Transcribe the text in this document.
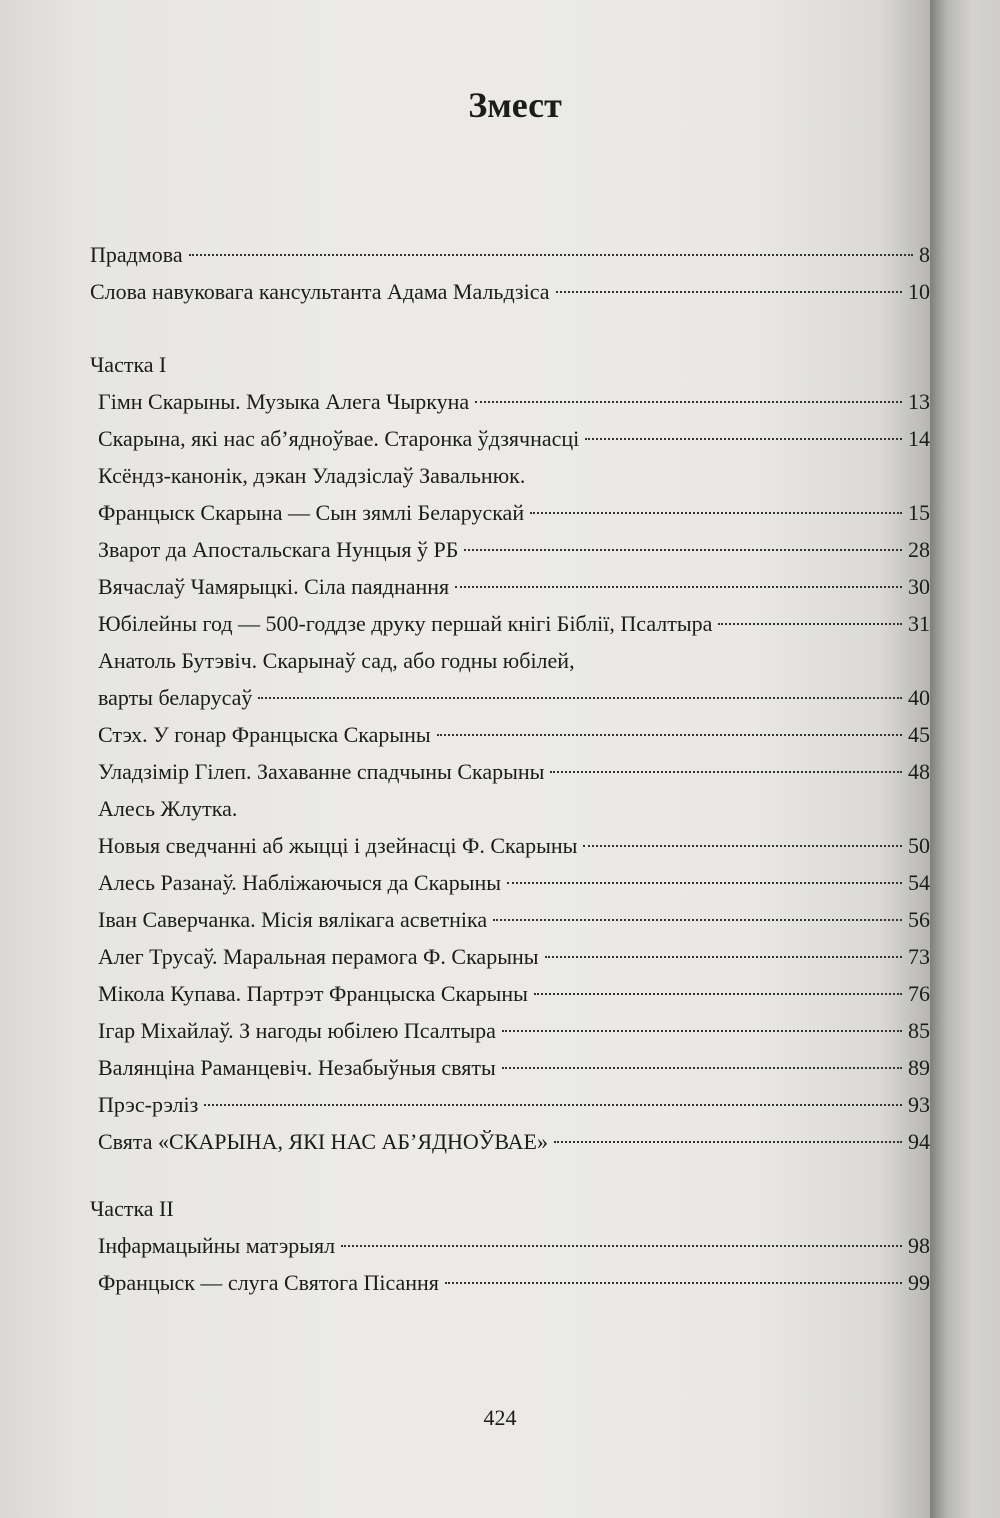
Змест
Прадмова	8
Слова навуковага кансультанта Адама Мальдзіса	10

Частка I

Гімн Скарыны. Музыка Алега Чыркуна	13
Скарына, які нас аб’ядноўвае. Старонка ўдзячнасці	14
Ксёндз-канонік, дэкан Уладзіслаў Завальнюк.
Францыск Скарына — Сын зямлі Беларускай	15
Зварот да Апостальскага Нунцыя ў РБ	28
Вячаслаў Чамярыцкі. Сіла паяднання	30
Юбілейны год — 500-годдзе друку першай кнігі Біблії, Псалтыра	31
Анатоль Бутэвіч. Скарынаў сад, або годны юбілей,
варты беларусаў	40
Стэх. У гонар Францыска Скарыны	45
Уладзімір Гілеп. Захаванне спадчыны Скарыны	48
Алесь Жлутка.
Новыя сведчанні аб жыцці і дзейнасці Ф. Скарыны	50
Алесь Разанаў. Набліжаючыся да Скарыны	54
Іван Саверчанка. Місія вялікага асветніка	56
Алег Трусаў. Маральная перамога Ф. Скарыны	73
Мікола Купава. Партрэт Францыска Скарыны	76
Ігар Міхайлаў. З нагоды юбілею Псалтыра	85
Валянціна Раманцевіч. Незабыўныя святы	89
Прэс-рэліз	93
Свята «СКАРЫНА, ЯКІ НАС АБ’ЯДНОЎВАЕ»	94

Частка II

Інфармацыйны матэрыял	98
Францыск — слуга Святога Пісання	99
424
